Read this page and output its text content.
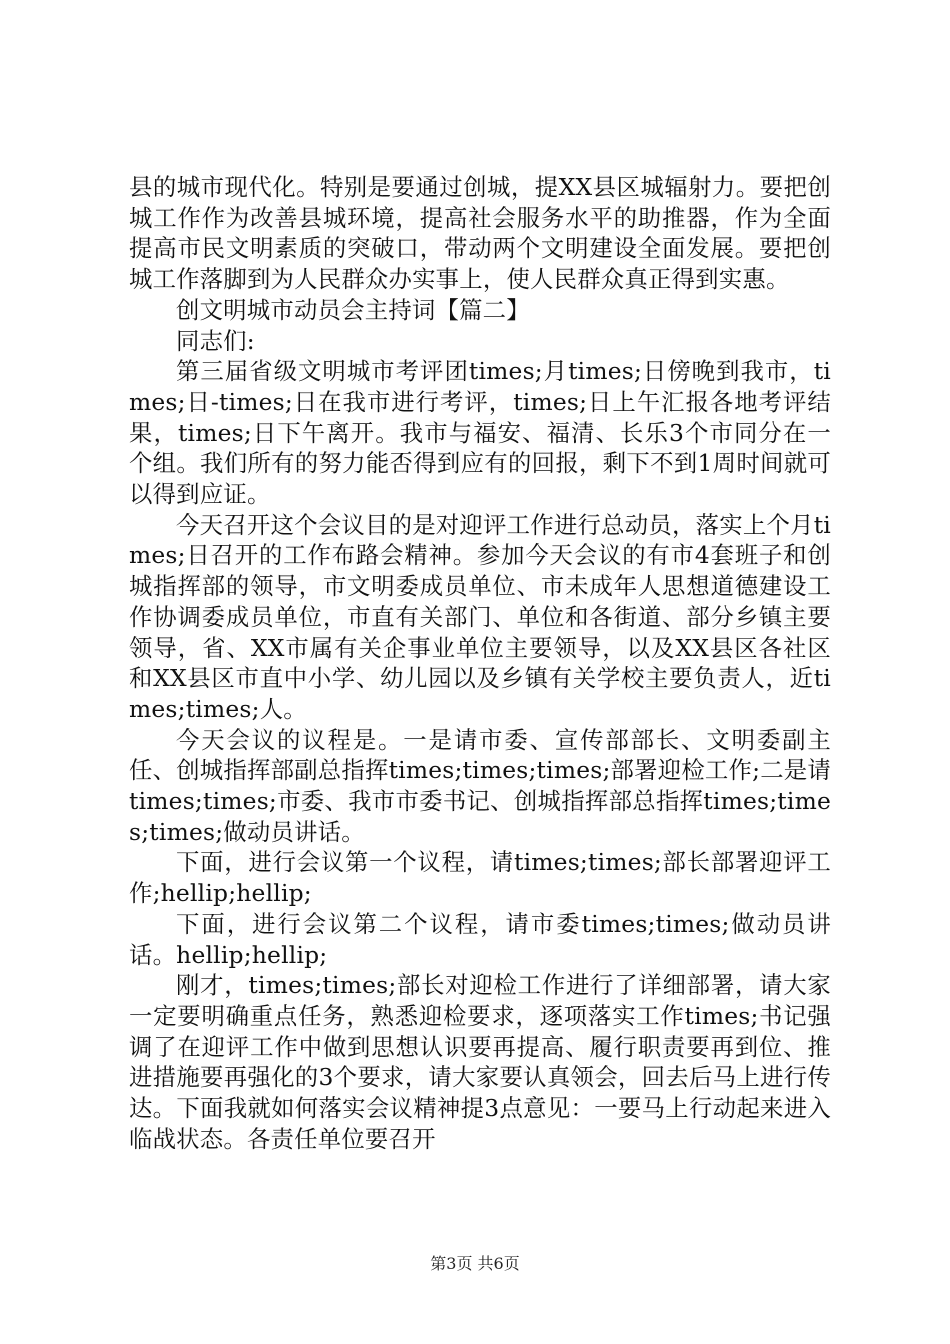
县的城市现代化。特别是要通过创城，提XX县区城辐射力。要把创城工作作为改善县城环境，提高社会服务水平的助推器，作为全面提高市民文明素质的突破口，带动两个文明建设全面发展。要把创城工作落脚到为人民群众办实事上，使人民群众真正得到实惠。

创文明城市动员会主持词【篇二】

同志们:

第三届省级文明城市考评团times;月times;日傍晚到我市，times;日-times;日在我市进行考评，times;日上午汇报各地考评结果，times;日下午离开。我市与福安、福清、长乐3个市同分在一个组。我们所有的努力能否得到应有的回报，剩下不到1周时间就可以得到应证。

今天召开这个会议目的是对迎评工作进行总动员，落实上个月times;日召开的工作布路会精神。参加今天会议的有市4套班子和创城指挥部的领导，市文明委成员单位、市未成年人思想道德建设工作协调委成员单位，市直有关部门、单位和各街道、部分乡镇主要领导，省、XX市属有关企事业单位主要领导，以及XX县区各社区和XX县区市直中小学、幼儿园以及乡镇有关学校主要负责人，近times;times;人。

今天会议的议程是。一是请市委、宣传部部长、文明委副主任、创城指挥部副总指挥times;times;times;部署迎检工作;二是请times;times;市委、我市市委书记、创城指挥部总指挥times;times;times;做动员讲话。

下面，进行会议第一个议程，请times;times;部长部署迎评工作;hellip;hellip;

下面，进行会议第二个议程，请市委times;times;做动员讲话。hellip;hellip;

刚才，times;times;部长对迎检工作进行了详细部署，请大家一定要明确重点任务，熟悉迎检要求，逐项落实工作times;书记强调了在迎评工作中做到思想认识要再提高、履行职责要再到位、推进措施要再强化的3个要求，请大家要认真领会，回去后马上进行传达。下面我就如何落实会议精神提3点意见：一要马上行动起来进入临战状态。各责任单位要召开

第3页 共6页
